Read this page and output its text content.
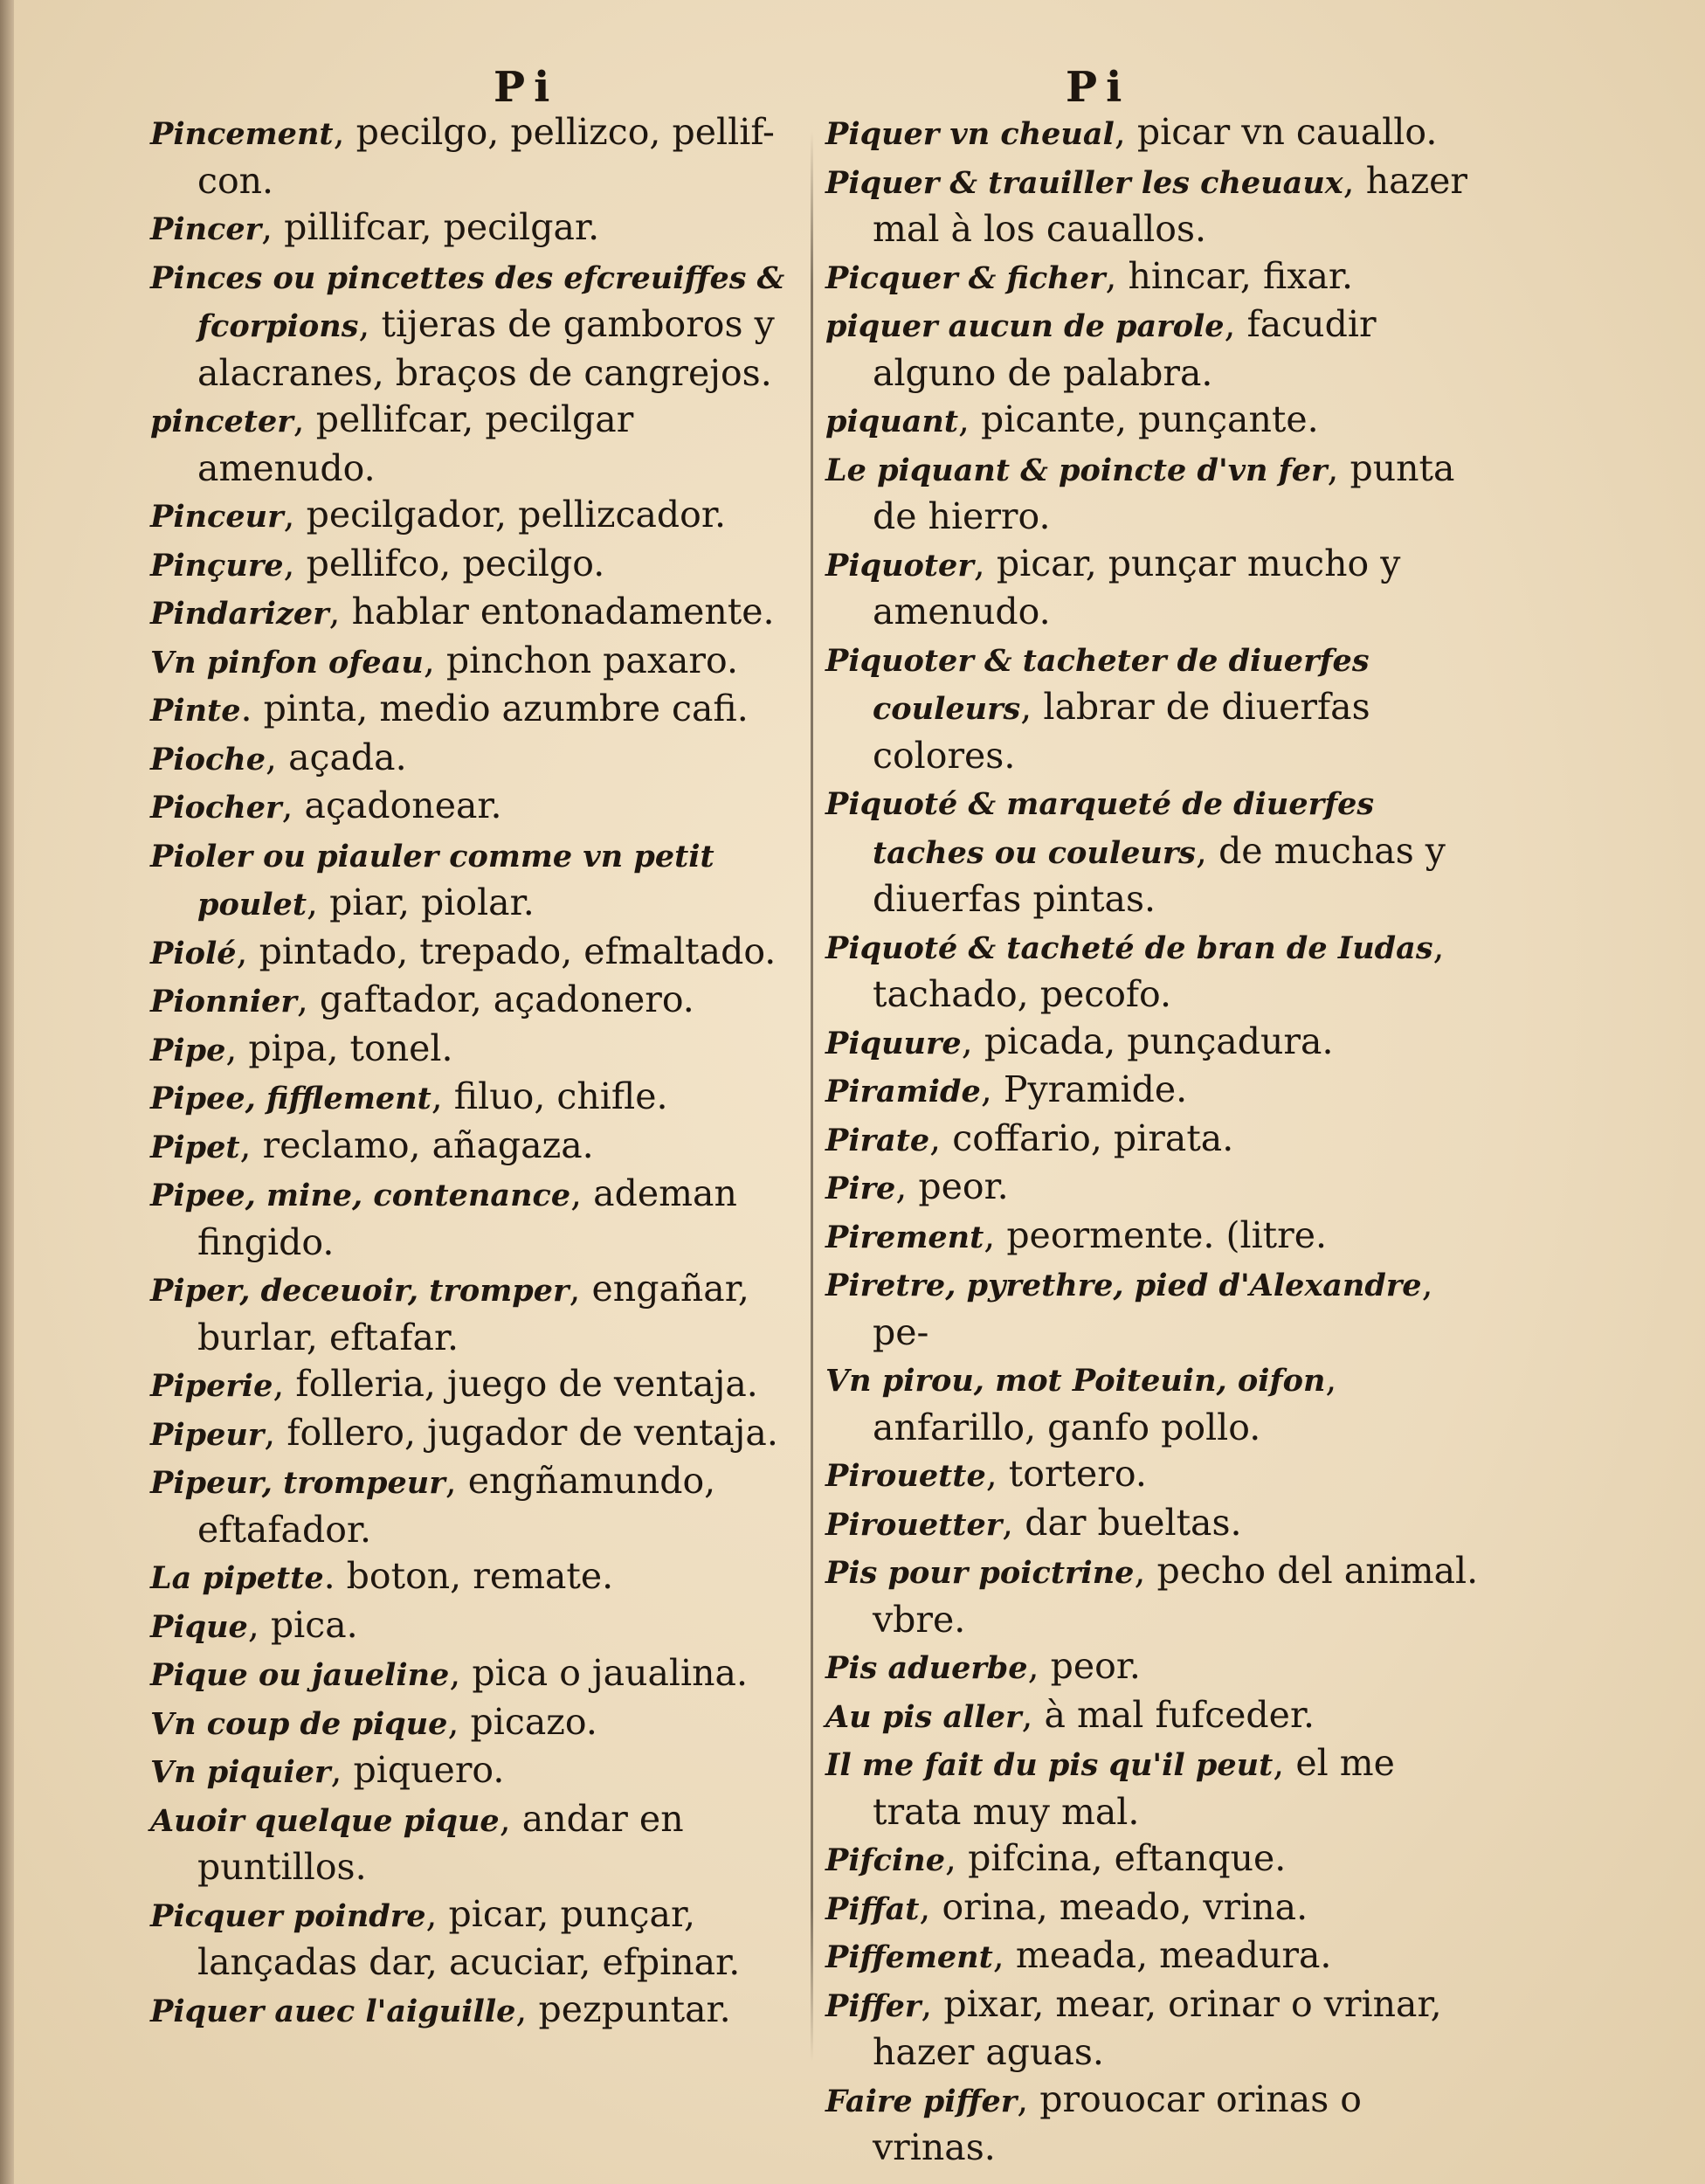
Pi	Pi
Pincement, pecilgo, pellizco, pellif-con.
Pincer, pillifcar, pecilgar.
Pinces ou pincettes des efcreuiffes & fcorpions, tijeras de gamboros y alacranes, braços de cangrejos.
pinceter, pellifcar, pecilgar amenudo.
Pinceur, pecilgador, pellizcador.
Pinçure, pellifco, pecilgo.
Pindarizer, hablar entonadamente.
Vn pinfon ofeau, pinchon paxaro.
Pinte. pinta, medio azumbre cafi.
Pioche, açada.
Piocher, açadonear.
Pioler ou piauler comme vn petit poulet, piar, piolar.
Piolé, pintado, trepado, efmaltado.
Pionnier, gaftador, açadonero.
Pipe, pipa, tonel.
Pipee, fifflement, filuo, chifle.
Pipet, reclamo, añagaza.
Pipee, mine, contenance, ademan fingido.
Piper, deceuoir, tromper, engañar, burlar, eftafar.
Piperie, folleria, juego de ventaja.
Pipeur, follero, jugador de ventaja.
Pipeur, trompeur, engñamundo, eftafador.
La pipette. boton, remate.
Pique, pica.
Pique ou jaueline, pica o jaualina.
Vn coup de pique, picazo.
Vn piquier, piquero.
Auoir quelque pique, andar en puntillos.
Picquer poindre, picar, punçar, lançadas dar, acuciar, efpinar.
Piquer auec l'aiguille, pezpuntar.
Piquer vn cheual, picar vn cauallo.
Piquer & trauiller les cheuaux, hazer mal à los cauallos.
Picquer & ficher, hincar, fixar.
piquer aucun de parole, facudir alguno de palabra.
piquant, picante, punçante.
Le piquant & poincte d'vn fer, punta de hierro.
Piquoter, picar, punçar mucho y amenudo.
Piquoter & tacheter de diuerfes couleurs, labrar de diuerfas colores.
Piquoté & marqueté de diuerfes taches ou couleurs, de muchas y diuerfas pintas.
Piquoté & tacheté de bran de Iudas, tachado, pecofo.
Piquure, picada, punçadura.
Piramide, Pyramide.
Pirate, coffario, pirata.
Pire, peor.
Pirement, peormente. (litre.
Piretre, pyrethre, pied d'Alexandre, pe-
Vn pirou, mot Poiteuin, oifon, anfarillo, ganfo pollo.
Pirouette, tortero.
Pirouetter, dar bueltas.
Pis pour poictrine, pecho del animal. vbre.
Pis aduerbe, peor.
Au pis aller, à mal fufceder.
Il me fait du pis qu'il peut, el me trata muy mal.
Pifcine, pifcina, eftanque.
Piffat, orina, meado, vrina.
Piffement, meada, meadura.
Piffer, pixar, mear, orinar o vrinar, hazer aguas.
Faire piffer, prouocar orinas o vrinas.
